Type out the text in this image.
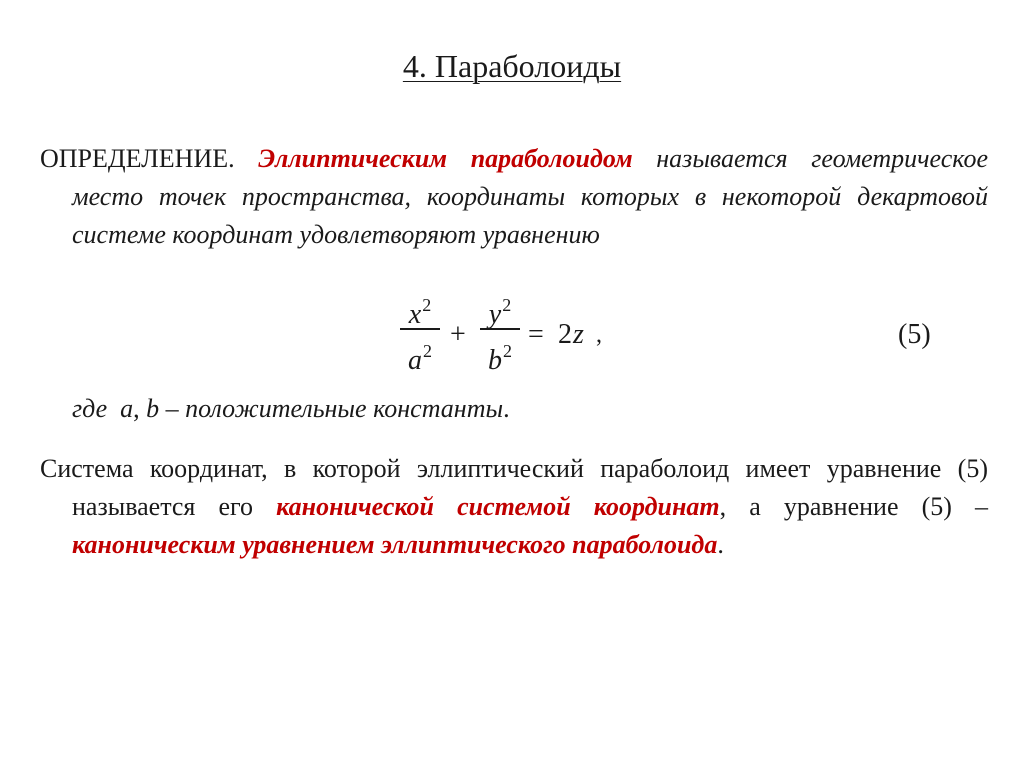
4. Параболоиды
ОПРЕДЕЛЕНИЕ. Эллиптическим параболоидом называется геометрическое место точек пространства, координаты которых в некоторой декартовой системе координат удовлетворяют уравнению
$x^2$
$a^2$
+
$y^2$
$b^2$
= 2 z ,	(5)
где a, b – положительные константы.
Система координат, в которой эллиптический параболоид имеет уравнение (5) называется его канонической системой координат, а уравнение (5) – каноническим уравнением эллиптического параболоида.
